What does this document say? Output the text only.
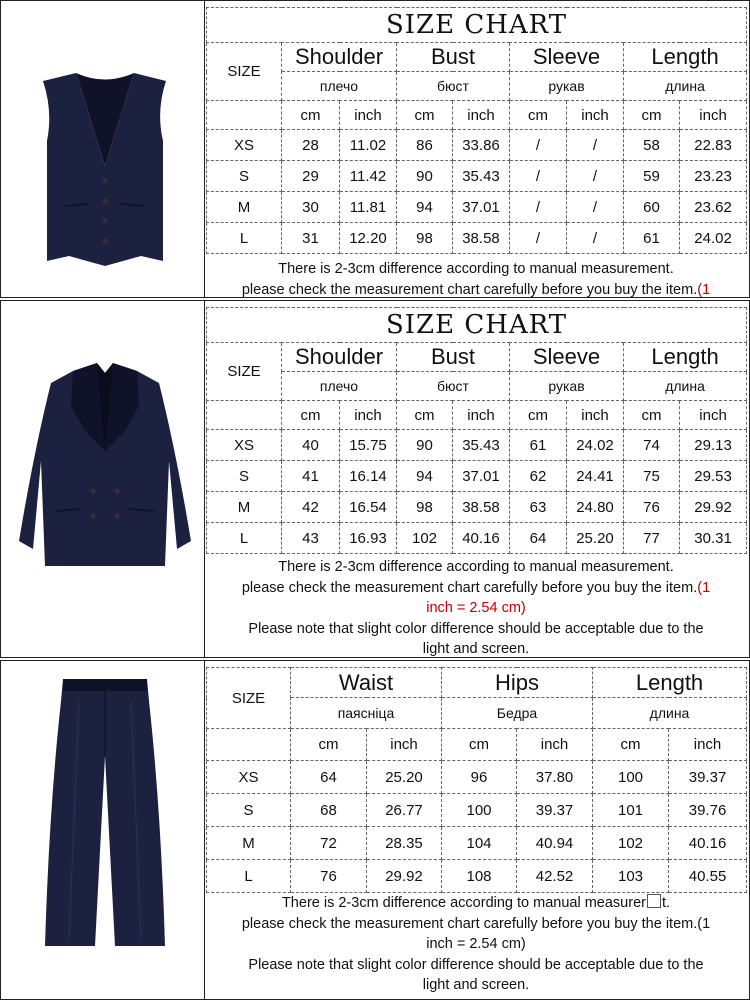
SIZE CHART								
SIZE	Shoulder		Bust		Sleeve		Length	
	плечо		бюст		рукав		длина	
	cm	inch	cm	inch	cm	inch	cm	inch
XS	28	11.02	86	33.86	/	/	58	22.83
S	29	11.42	90	35.43	/	/	59	23.23
M	30	11.81	94	37.01	/	/	60	23.62
L	31	12.20	98	38.58	/	/	61	24.02
There is 2-3cm difference according to manual measurement.
please check the measurement chart carefully before you buy the item.(1
SIZE CHART								
SIZE	Shoulder		Bust		Sleeve		Length	
	плечо		бюст		рукав		длина	
	cm	inch	cm	inch	cm	inch	cm	inch
XS	40	15.75	90	35.43	61	24.02	74	29.13
S	41	16.14	94	37.01	62	24.41	75	29.53
M	42	16.54	98	38.58	63	24.80	76	29.92
L	43	16.93	102	40.16	64	25.20	77	30.31
There is 2-3cm difference according to manual measurement.
please check the measurement chart carefully before you buy the item.(1
inch = 2.54 cm)
Please note that slight color difference should be acceptable due to the
light and screen.
SIZE	Waist		Hips		Length	
	паясніца		Бедра		длина	
	cm	inch	cm	inch	cm	inch
XS	64	25.20	96	37.80	100	39.37
S	68	26.77	100	39.37	101	39.76
M	72	28.35	104	40.94	102	40.16
L	76	29.92	108	42.52	103	40.55
There is 2-3cm difference according to manual measurer t.
please check the measurement chart carefully before you buy the item.(1
inch = 2.54 cm)
Please note that slight color difference should be acceptable due to the
light and screen.
